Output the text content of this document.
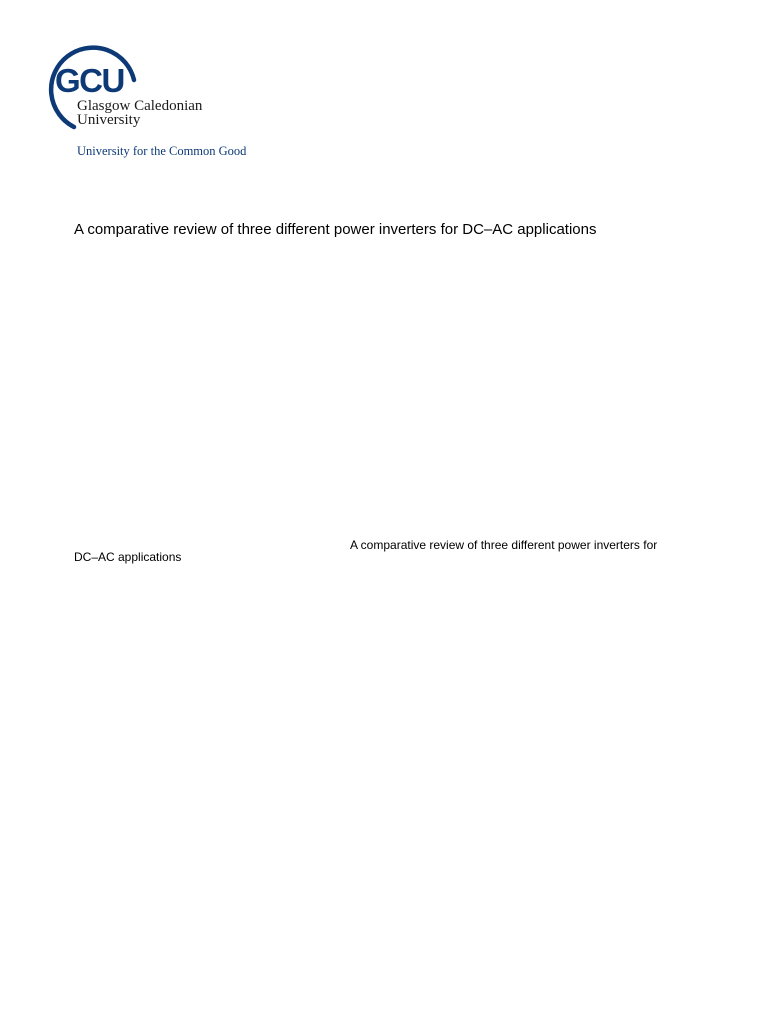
GCU
Glasgow Caledonian
University
University for the Common Good
A comparative review of three different power inverters for DC–AC applications
A comparative review of three different power inverters for
DC–AC applications
